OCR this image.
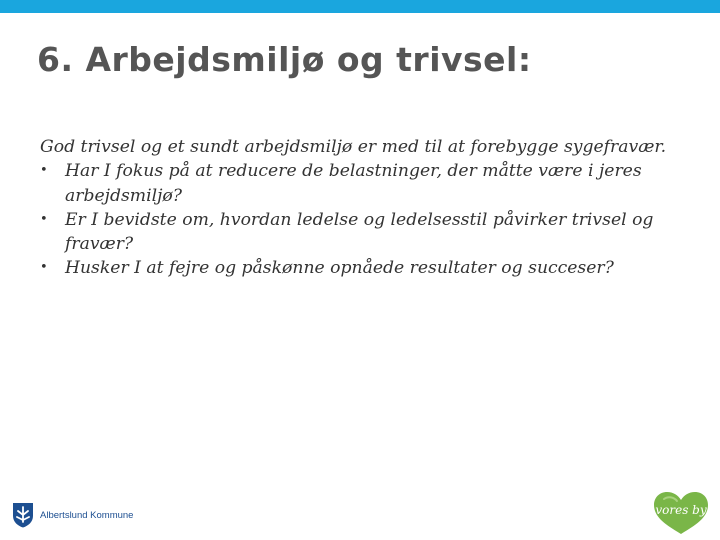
6. Arbejdsmiljø og trivsel:

God trivsel og et sundt arbejdsmiljø er med til at forebygge sygefravær.

• Har I fokus på at reducere de belastninger, der måtte være i jeres arbejdsmiljø?
• Er I bevidste om, hvordan ledelse og ledelsesstil påvirker trivsel og fravær?
• Husker I at fejre og påskønne opnåede resultater og succeser?
Albertslund Kommune	vores by
